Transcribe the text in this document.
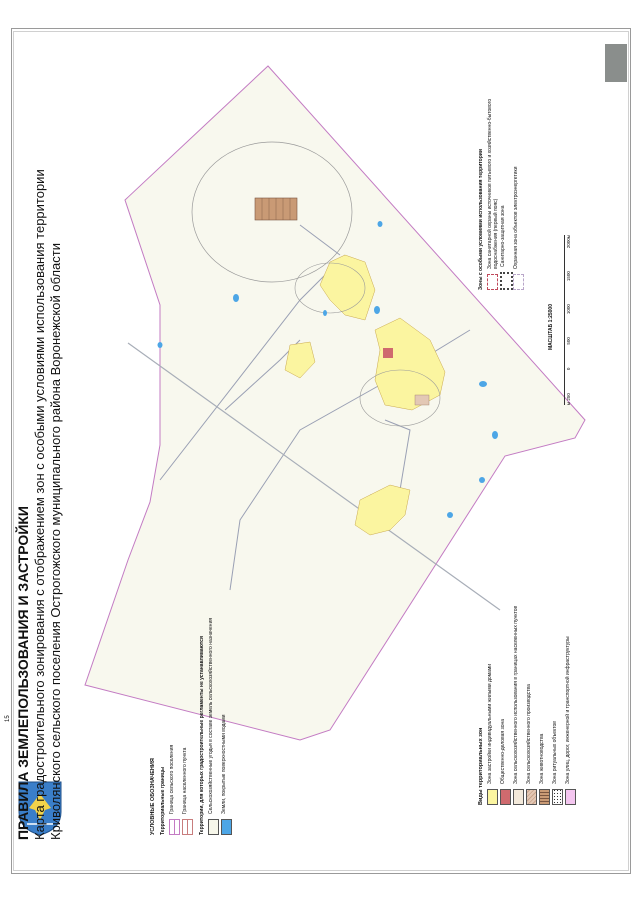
15 ПРАВИЛА ЗЕМЛЕПОЛЬЗОВАНИЯ И ЗАСТРОЙКИ Карта градостроительного зонирования с отображением зон с особыми условиями использования территории Криволянского сельского поселения Острогожского муниципального района Воронежской области	УСЛОВНЫЕ ОБОЗНАЧЕНИЯ Территориальные границы Граница сельского поселения Граница населенного пункта Территории, для которых градостроительные регламенты не устанавливаются Сельскохозяйственные угодья в составе земель сельскохозяйственного назначения Земли, покрытые поверхностными водами	Виды территориальных зон Зона застройки индивидуальными жилыми домами Общественно-деловая зона Зона сельскохозяйственного использования в границах населенных пунктов Зона сельскохозяйственного производства Зона животноводства Зона ритуальных объектов Зона улиц, дорог, инженерной и транспортной инфраструктуры
Зоны с особыми условиями использования территории Зона санитарной охраны источников питьевого и хозяйственно-бытового водоснабжения (первый пояс) Санитарно-защитная зона Охранная зона объектов электроэнергетики
МАСШТАБ 1:25000
м 250
0
500
1000
1500
2000м
